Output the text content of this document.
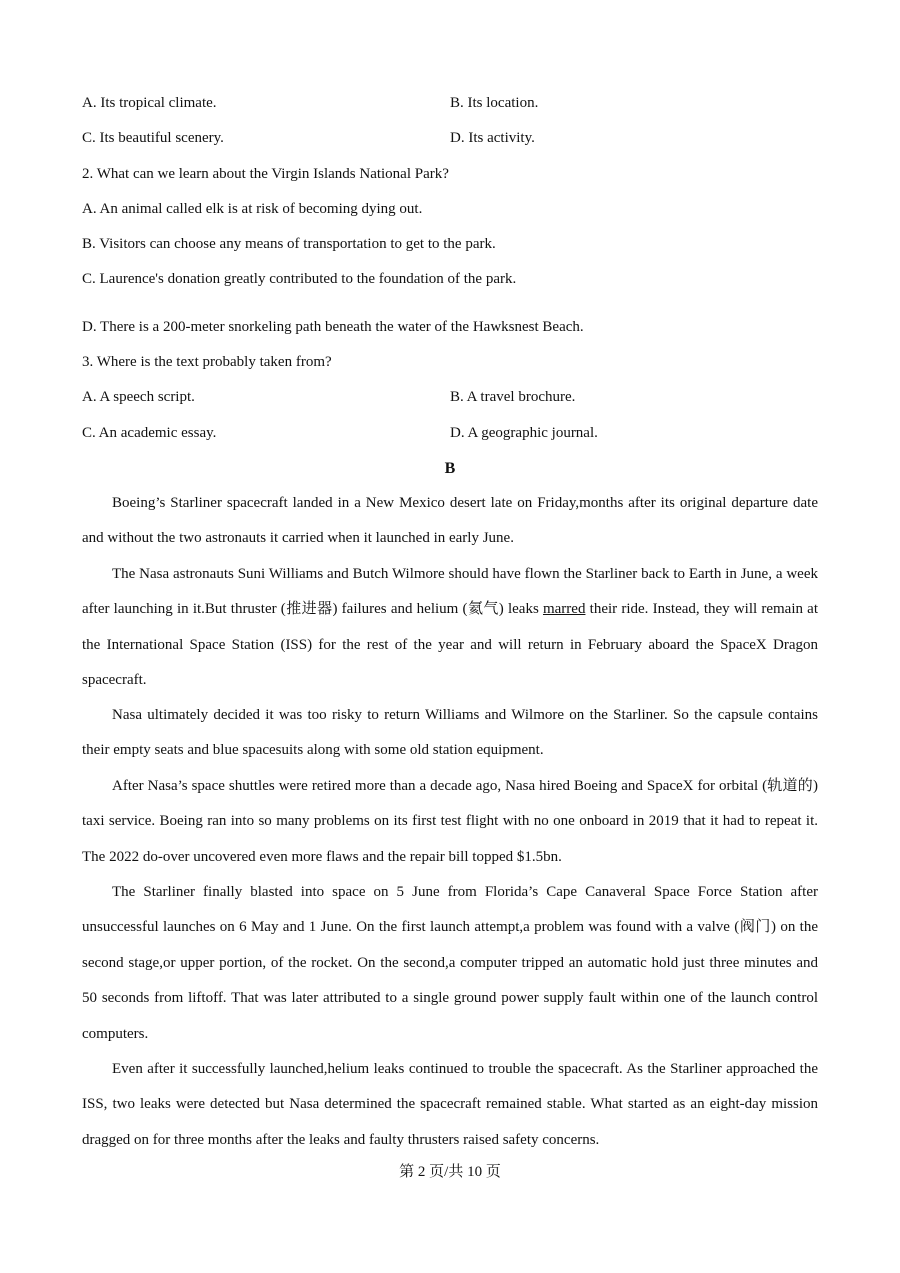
A. Its tropical climate.	B. Its location.
C. Its beautiful scenery.	D. Its activity.
2. What can we learn about the Virgin Islands National Park?
A. An animal called elk is at risk of becoming dying out.
B. Visitors can choose any means of transportation to get to the park.
C. Laurence's donation greatly contributed to the foundation of the park.
D. There is a 200-meter snorkeling path beneath the water of the Hawksnest Beach.
3. Where is the text probably taken from?
A. A speech script.	B. A travel brochure.
C. An academic essay.	D. A geographic journal.
B

Boeing’s Starliner spacecraft landed in a New Mexico desert late on Friday,months after its original departure date and without the two astronauts it carried when it launched in early June.

The Nasa astronauts Suni Williams and Butch Wilmore should have flown the Starliner back to Earth in June, a week after launching in it.But thruster (推进器) failures and helium (氦气) leaks marred their ride. Instead, they will remain at the International Space Station (ISS) for the rest of the year and will return in February aboard the SpaceX Dragon spacecraft.

Nasa ultimately decided it was too risky to return Williams and Wilmore on the Starliner. So the capsule contains their empty seats and blue spacesuits along with some old station equipment.

After Nasa’s space shuttles were retired more than a decade ago, Nasa hired Boeing and SpaceX for orbital (轨道的) taxi service. Boeing ran into so many problems on its first test flight with no one onboard in 2019 that it had to repeat it. The 2022 do-over uncovered even more flaws and the repair bill topped $1.5bn.

The Starliner finally blasted into space on 5 June from Florida’s Cape Canaveral Space Force Station after unsuccessful launches on 6 May and 1 June. On the first launch attempt,a problem was found with a valve (阀门) on the second stage,or upper portion, of the rocket. On the second,a computer tripped an automatic hold just three minutes and 50 seconds from liftoff. That was later attributed to a single ground power supply fault within one of the launch control computers.

Even after it successfully launched,helium leaks continued to trouble the spacecraft. As the Starliner approached the ISS, two leaks were detected but Nasa determined the spacecraft remained stable. What started as an eight-day mission dragged on for three months after the leaks and faulty thrusters raised safety concerns.

第 2 页/共 10 页
